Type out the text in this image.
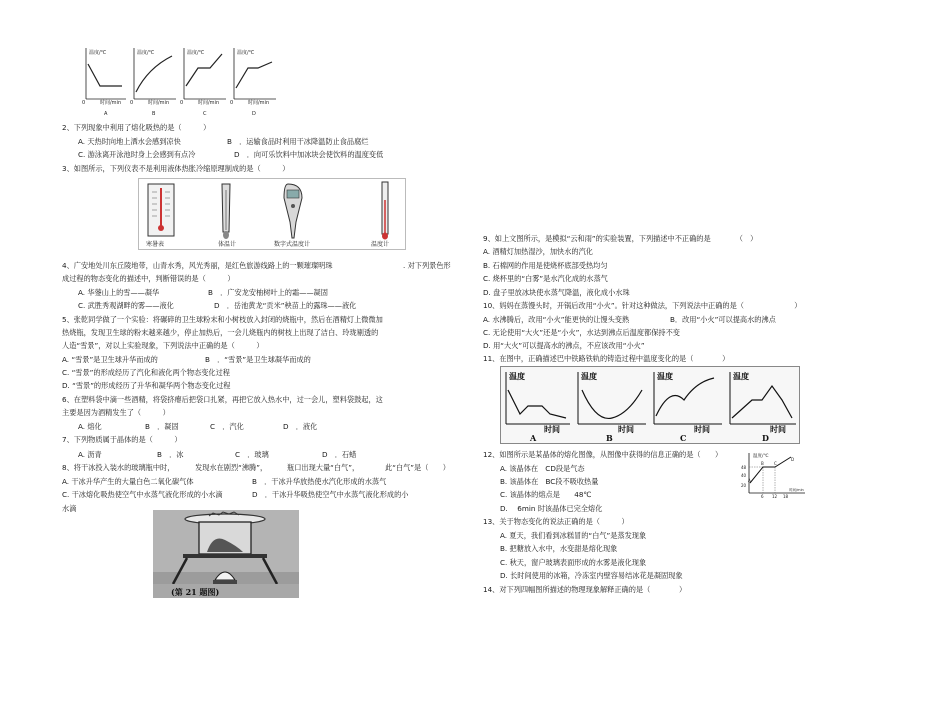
温度/℃
0	时间/min
A
温度/℃
0	时间/min
B
温度/℃
0	时间/min
C
温度/℃
0	时间/min
D
2、下列现象中利用了熔化吸热的是（　　　）
A. 天热时向地上洒水会感到凉快	B　．运输食品时利用干冰降温防止食品腐烂
C. 游泳离开泳池时身上会感到有点冷	D　．向可乐饮料中加冰块会使饮料的温度变低
3、如图所示，下列仪表不是利用液体热胀冷缩原理制成的是（　　　）
寒暑表	体温计	数字式温度计	温度计
4、广安地处川东丘陵地带，山青水秀，风光秀丽，是红色旅游线路上的一颗璀璨明珠	. 对下列景色形
成过程的物态变化的描述中，判断错误的是（　　　）
A. 华蓥山上的雪——凝华	B　．广安龙安柚树叶上的霜——凝固
C. 武胜秀观湖畔的雾——液化	D　．岳池黄龙“贡米”秧苗上的露珠——液化
5、张乾同学做了一个实验：将碾碎的卫生球粉末和小树枝放入封闭的烧瓶中，然后在酒精灯上微微加
热烧瓶，发现卫生球的粉末越来越少，停止加热后，一会儿烧瓶内的树枝上出现了洁白、玲珑剔透的
人造“雪景”，对以上实验现象，下列说法中正确的是（　　　）
A. “雪景”是卫生球升华而成的	B　．“雪景”是卫生球凝华而成的
C. “雪景”的形成经历了汽化和液化两个物态变化过程
D. “雪景”的形成经历了升华和凝华两个物态变化过程
6、在塑料袋中滴一些酒精，将袋挤瘪后把袋口扎紧，再把它放入热水中，过一会儿，塑料袋鼓起，这
主要是因为酒精发生了（　　　）
A. 熔化	B　．凝固	C　．汽化	D　．液化
7、下列物质属于晶体的是（　　　）
A. 沥青	B　．冰	C　．玻璃	D　．石蜡
8、将干冰投入装水的玻璃瓶中时，	发现水在剧烈“沸腾”，	瓶口出现大量“白气”，	此“白气”是（　　）
A. 干冰升华产生的大量白色二氧化碳气体	B　．干冰升华放热使水汽化形成的水蒸气
C. 干冰熔化吸热使空气中水蒸气液化形成的小水滴	D　．干冰升华吸热使空气中水蒸气液化形成的小
水滴
(第 21 题图)
9、如上文图所示，是模拟“云和雨”的实验装置，下列描述中不正确的是　　　　（　）
A. 酒精灯加热湿沙，加快水的汽化
B. 石棉网的作用是使烧杯底部受热均匀
C. 烧杯里的“白雾”是水汽化成的水蒸气
D. 盘子里放冰块使水蒸气降温，液化成小水珠
10、妈妈在蒸馒头时，开锅后改用“小火”。针对这种做法，下列说法中正确的是（　　　　　　　）
A. 水沸腾后，改用“小火”能更快的让馒头变熟	B．改用“小火”可以提高水的沸点
C. 无论使用“大火”还是“小火”，水达到沸点后温度都保持不变
D. 用“大火”可以提高水的沸点，不应该改用“小火”
11、在图中，正确描述巴中铁路铁轨的铸造过程中温度变化的是（　　　　）
温度
时间
A
温度
时间
B
温度
时间
C
温度
时间
D
12、如图所示是某晶体的熔化图像，从图像中获得的信息正确的是（　　）
A. 该晶体在　CD段是气态
B. 该晶体在　BC段不吸收热量
C. 该晶体的熔点是　　48℃
D. 　6min 时该晶体已完全熔化
温度/℃
A
B	C
D
48
40
20
6 12 18
时间/min
13、关于物态变化的说法正确的是（　　　）
A. 夏天，我们看到冰糕冒的“白气”是蒸发现象
B. 把糖放入水中，水变甜是熔化现象
C. 秋天，窗户玻璃表面形成的水雾是液化现象
D. 长时间使用的冰箱，冷冻室内壁容易结冰花是凝固现象
14、对下列四幅图所描述的物理现象解释正确的是（　　　　）
